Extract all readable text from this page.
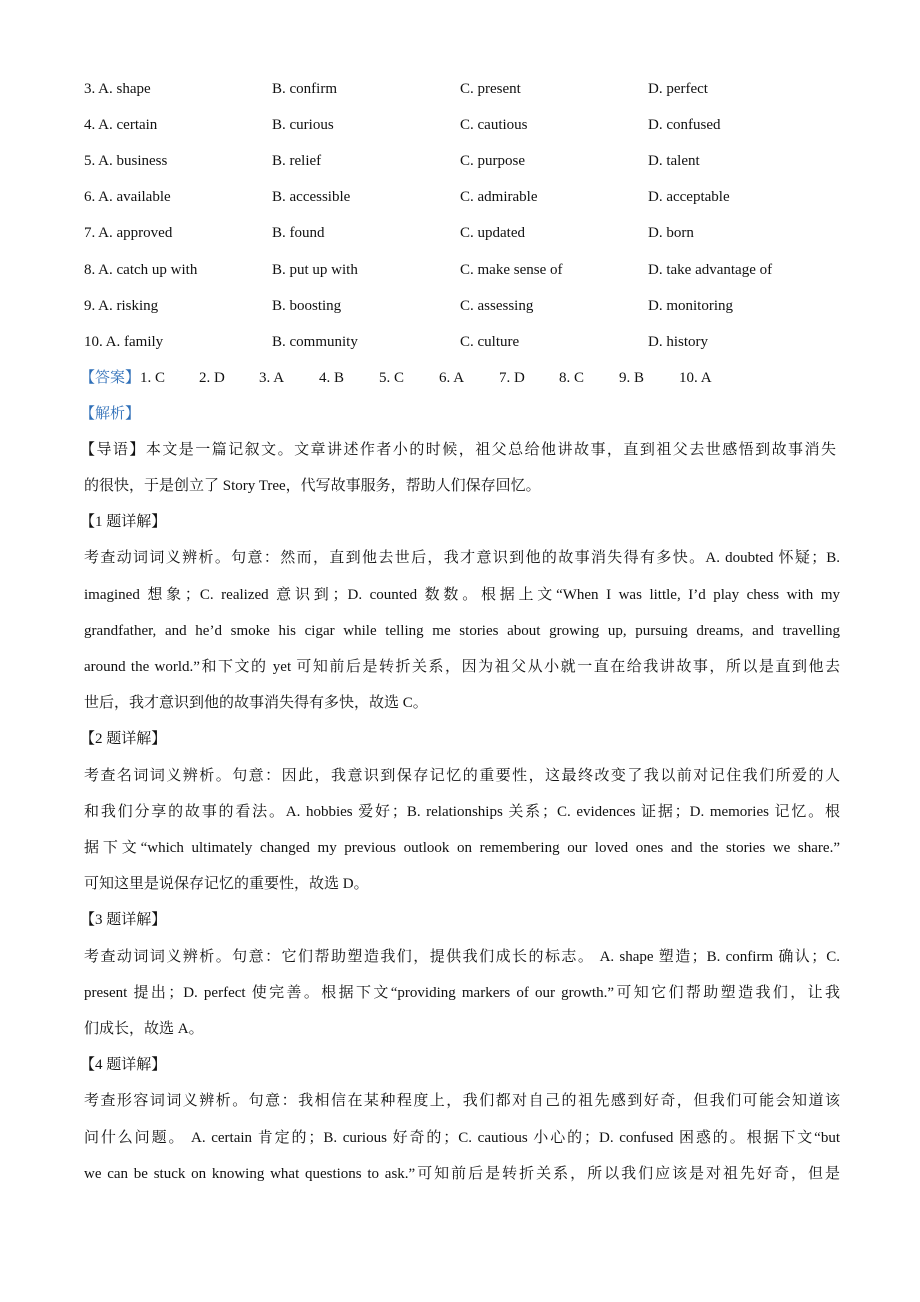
3. A. shape	B. confirm	C. present	D. perfect
4. A. certain	B. curious	C. cautious	D. confused
5. A. business	B. relief	C. purpose	D. talent
6. A. available	B. accessible	C. admirable	D. acceptable
7. A. approved	B. found	C. updated	D. born
8. A. catch up with	B. put up with	C. make sense of	D. take advantage of
9. A. risking	B. boosting	C. assessing	D. monitoring
10. A. family	B. community	C. culture	D. history
【答案】1. C 2. D 3. A 4. B 5. C 6. A 7. D 8. C 9. B 10. A
【解析】
【导语】本文是一篇记叙文。文章讲述作者小的时候，祖父总给他讲故事，直到祖父去世感悟到故事消失
的很快，于是创立了 Story Tree，代写故事服务，帮助人们保存回忆。
【1 题详解】
考查动词词义辨析。句意：然而，直到他去世后，我才意识到他的故事消失得有多快。A. doubted 怀疑；B.
imagined 想象；C. realized 意识到；D. counted 数数。根据上文“When I was little, I’d play chess with my
grandfather, and he’d smoke his cigar while telling me stories about growing up, pursuing dreams, and travelling
around the world.”和下文的 yet 可知前后是转折关系，因为祖父从小就一直在给我讲故事，所以是直到他去
世后，我才意识到他的故事消失得有多快，故选 C。
【2 题详解】
考查名词词义辨析。句意：因此，我意识到保存记忆的重要性，这最终改变了我以前对记住我们所爱的人
和我们分享的故事的看法。A. hobbies 爱好；B. relationships 关系；C. evidences 证据；D. memories 记忆。根
据下文“which ultimately changed my previous outlook on remembering our loved ones and the stories we share.”
可知这里是说保存记忆的重要性，故选 D。
【3 题详解】
考查动词词义辨析。句意：它们帮助塑造我们，提供我们成长的标志。 A. shape 塑造；B. confirm 确认；C.
present 提出；D. perfect 使完善。根据下文“providing markers of our growth.”可知它们帮助塑造我们，让我
们成长，故选 A。
【4 题详解】
考查形容词词义辨析。句意：我相信在某种程度上，我们都对自己的祖先感到好奇，但我们可能会知道该
问什么问题。 A. certain 肯定的；B. curious 好奇的；C. cautious 小心的；D. confused 困惑的。根据下文“but
we can be stuck on knowing what questions to ask.”可知前后是转折关系，所以我们应该是对祖先好奇，但是
